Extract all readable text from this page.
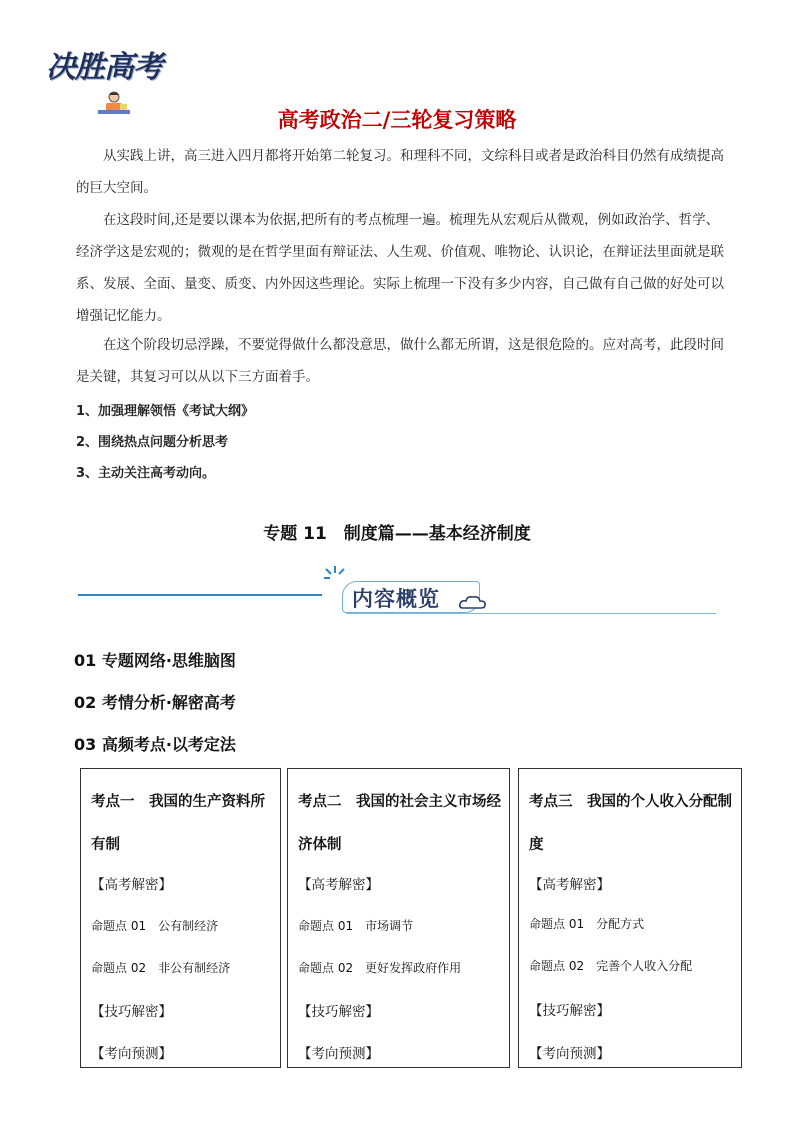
决胜高考
高考政治二/三轮复习策略

从实践上讲，高三进入四月都将开始第二轮复习。和理科不同，文综科目或者是政治科目仍然有成绩提高的巨大空间。

在这段时间,还是要以课本为依据,把所有的考点梳理一遍。梳理先从宏观后从微观，例如政治学、哲学、经济学这是宏观的；微观的是在哲学里面有辩证法、人生观、价值观、唯物论、认识论，在辩证法里面就是联系、发展、全面、量变、质变、内外因这些理论。实际上梳理一下没有多少内容，自己做有自己做的好处可以增强记忆能力。

在这个阶段切忌浮躁，不要觉得做什么都没意思，做什么都无所谓，这是很危险的。应对高考，此段时间是关键，其复习可以从以下三方面着手。

1、加强理解领悟《考试大纲》

2、围绕热点问题分析思考

3、主动关注高考动向。

专题 11　制度篇——基本经济制度
内容概览

01 专题网络·思维脑图

02 考情分析·解密高考

03 高频考点·以考定法

考点一　我国的生产资料所有制

【高考解密】

命题点 01　公有制经济

命题点 02　非公有制经济

【技巧解密】

【考向预测】

考点二　我国的社会主义市场经济体制

【高考解密】

命题点 01　市场调节

命题点 02　更好发挥政府作用

【技巧解密】

【考向预测】

考点三　我国的个人收入分配制度

【高考解密】

命题点 01　分配方式

命题点 02　完善个人收入分配

【技巧解密】

【考向预测】
